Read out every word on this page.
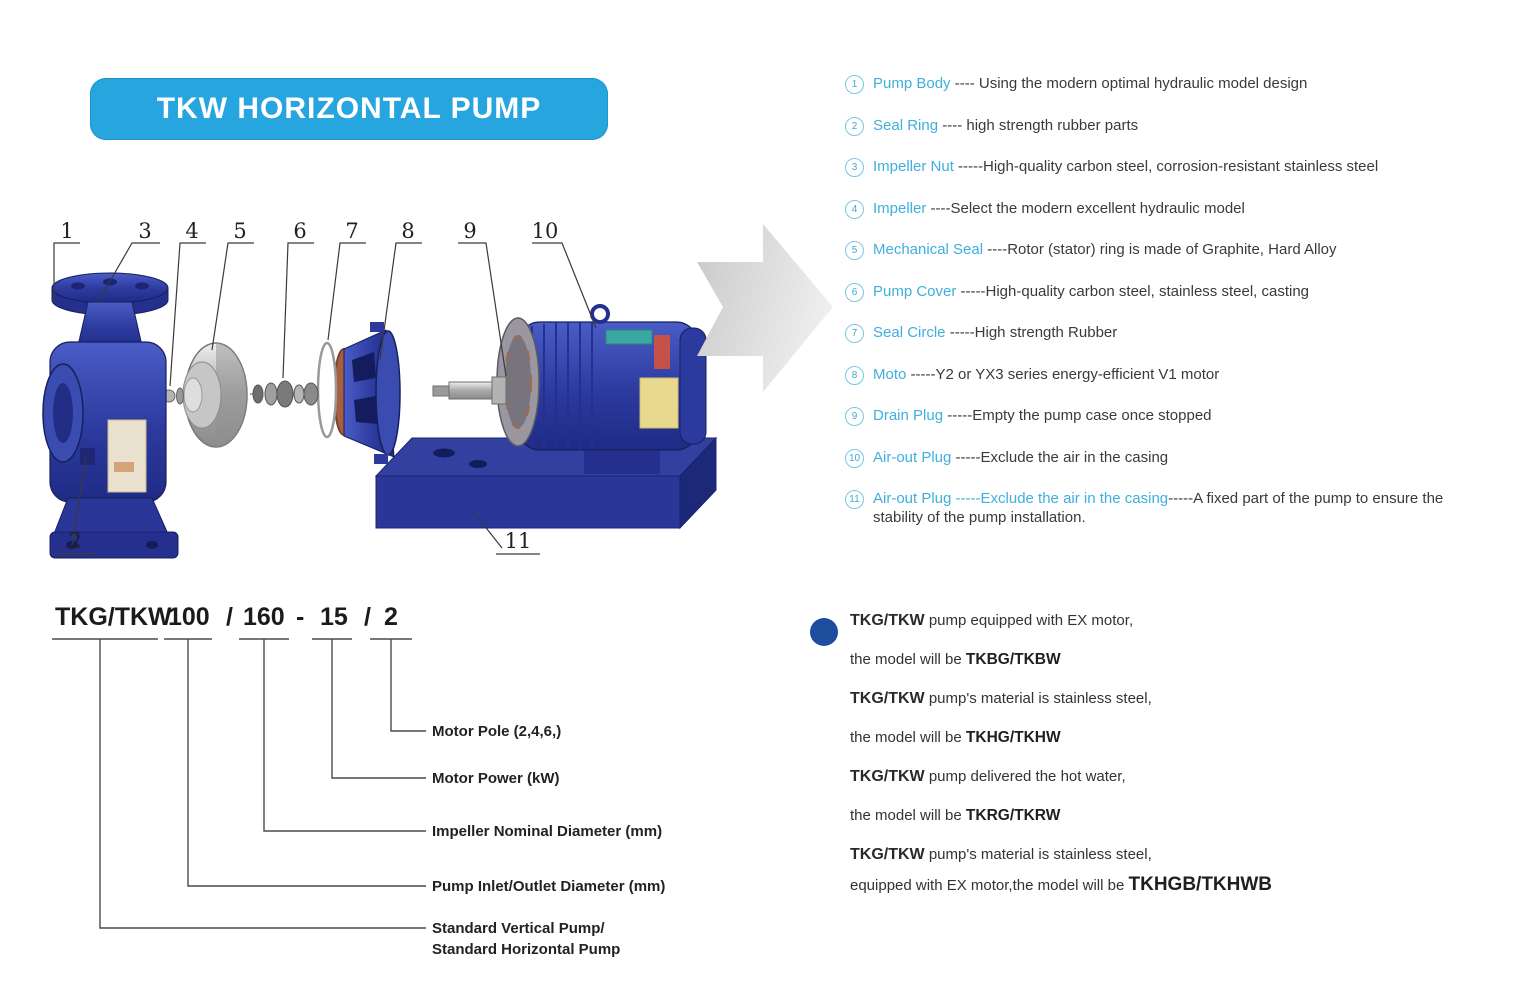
TKW HORIZONTAL PUMP
1	3 4 5 6 7 8 9	10
2	11
1	Pump Body ---- Using the modern optimal hydraulic model design
2	Seal Ring ---- high strength rubber parts
3	Impeller Nut -----High-quality carbon steel, corrosion-resistant stainless steel
4	Impeller ----Select the modern excellent hydraulic model
5	Mechanical Seal ----Rotor (stator) ring is made of Graphite, Hard Alloy
6	Pump Cover -----High-quality carbon steel, stainless steel, casting
7	Seal Circle -----High strength Rubber
8	Moto -----Y2 or YX3 series energy-efficient V1 motor
9	Drain Plug -----Empty the pump case once stopped
10 Air-out Plug -----Exclude the air in the casing
11 Air-out Plug -----Exclude the air in the casing-----A fixed part of the pump to ensure the stability of the pump installation.
TKG/TKW
100 / 160 - 15 / 2
Motor Pole (2,4,6,)
Motor Power (kW)
Impeller Nominal Diameter (mm)
Pump Inlet/Outlet Diameter (mm)
Standard Vertical Pump/
Standard Horizontal Pump
TKG/TKW pump equipped with EX motor,
the model will be TKBG/TKBW
TKG/TKW pump's material is stainless steel,
the model will be TKHG/TKHW
TKG/TKW pump delivered the hot water,
the model will be TKRG/TKRW
TKG/TKW pump's material is stainless steel,
equipped with EX motor,the model will be TKHGB/TKHWB
